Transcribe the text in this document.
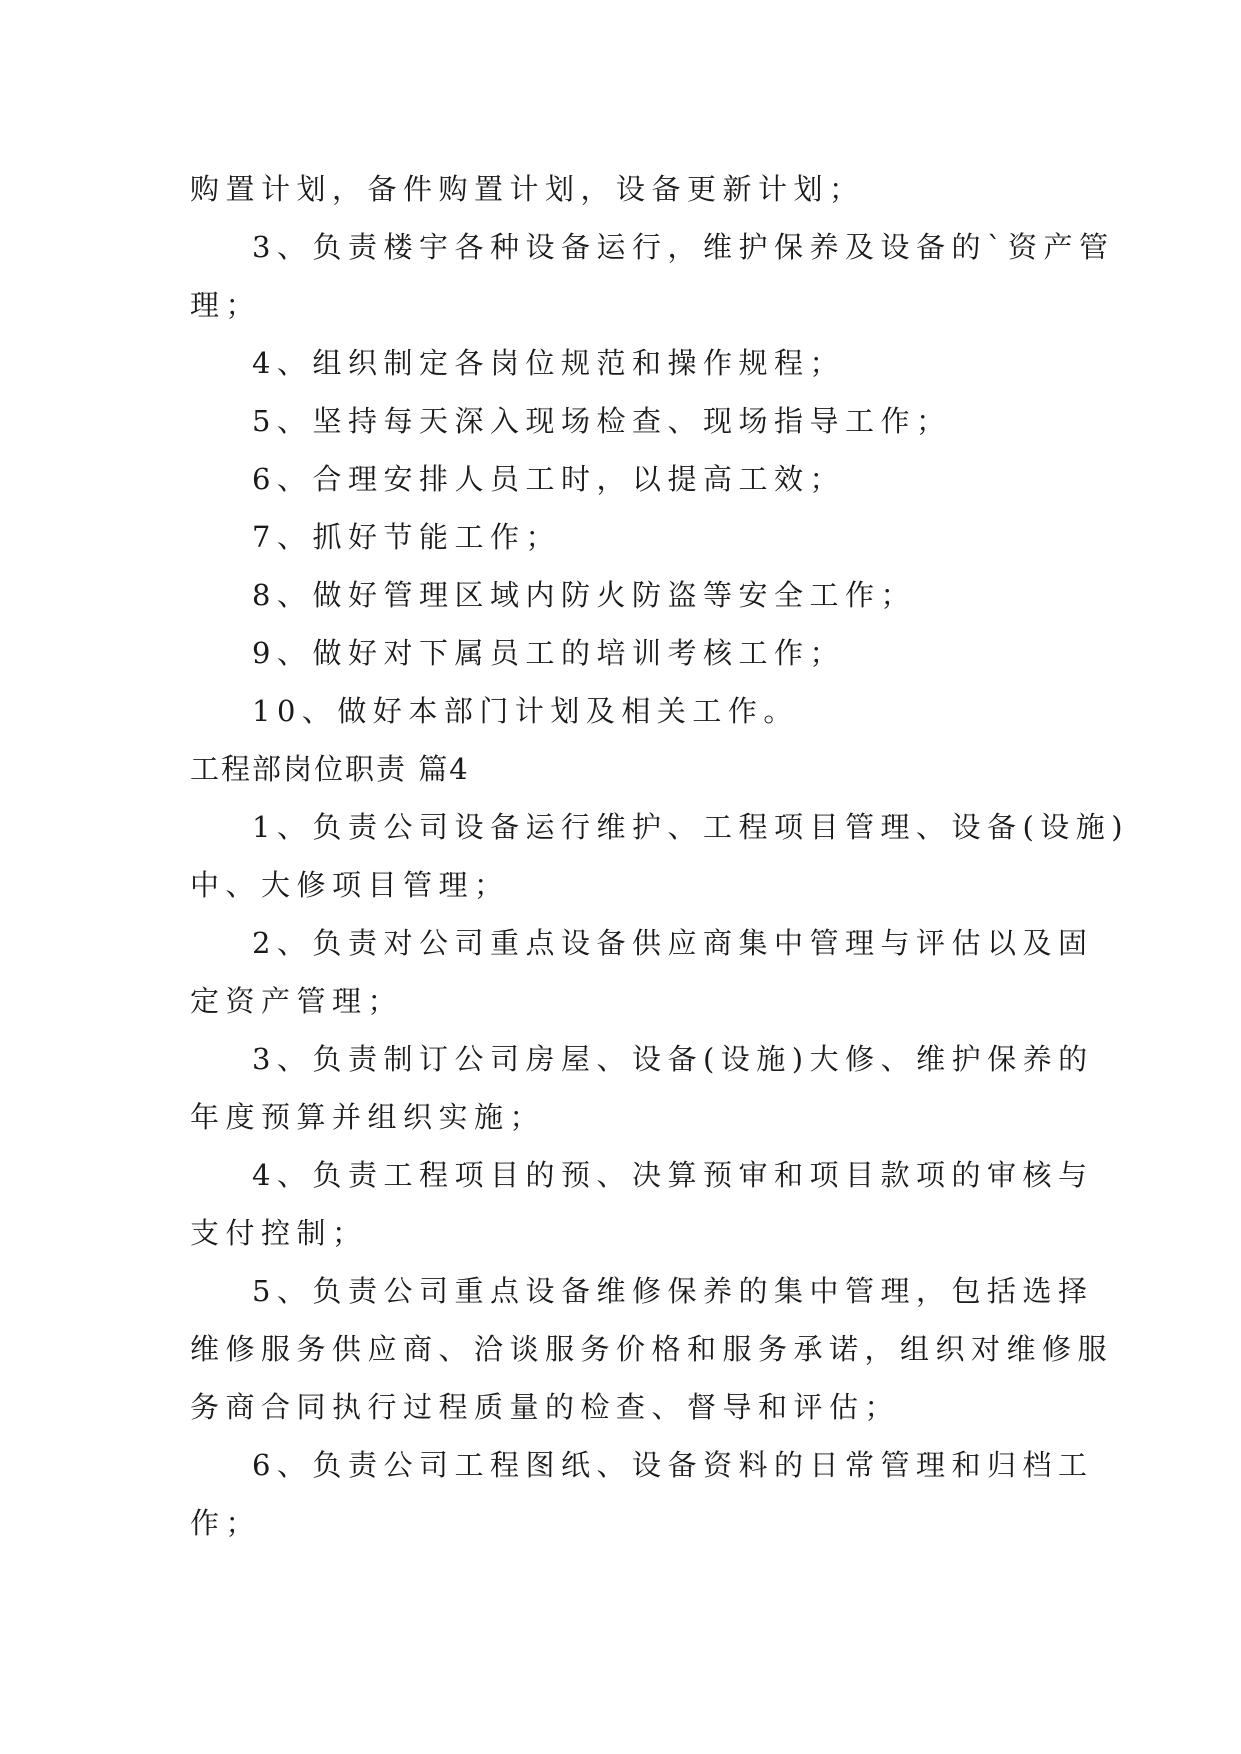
购置计划，备件购置计划，设备更新计划；
3、负责楼宇各种设备运行，维护保养及设备的`资产管
理；
4、组织制定各岗位规范和操作规程；
5、坚持每天深入现场检查、现场指导工作；
6、合理安排人员工时，以提高工效；
7、抓好节能工作；
8、做好管理区域内防火防盗等安全工作；
9、做好对下属员工的培训考核工作；
10、做好本部门计划及相关工作。
工程部岗位职责 篇4
1、负责公司设备运行维护、工程项目管理、设备(设施)
中、大修项目管理；
2、负责对公司重点设备供应商集中管理与评估以及固
定资产管理；
3、负责制订公司房屋、设备(设施)大修、维护保养的
年度预算并组织实施；
4、负责工程项目的预、决算预审和项目款项的审核与
支付控制；
5、负责公司重点设备维修保养的集中管理，包括选择
维修服务供应商、洽谈服务价格和服务承诺，组织对维修服
务商合同执行过程质量的检查、督导和评估；
6、负责公司工程图纸、设备资料的日常管理和归档工
作；
